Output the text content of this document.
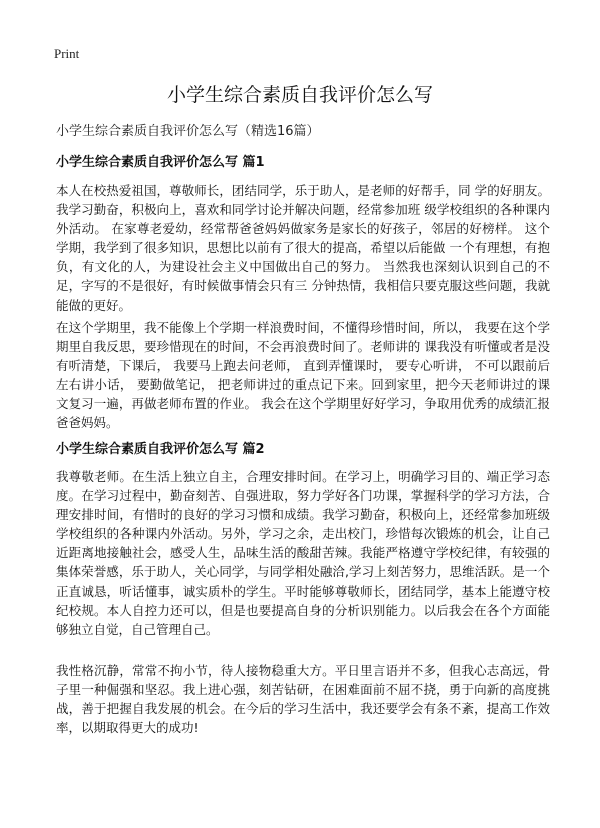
Print
小学生综合素质自我评价怎么写
小学生综合素质自我评价怎么写（精选16篇）
小学生综合素质自我评价怎么写 篇1

本人在校热爱祖国，尊敬师长，团结同学，乐于助人，是老师的好帮手，同 学的好朋友。我学习勤奋，积极向上，喜欢和同学讨论并解决问题，经常参加班 级学校组织的各种课内外活动。 在家尊老爱幼，经常帮爸爸妈妈做家务是家长的好孩子，邻居的好榜样。 这个学期，我学到了很多知识，思想比以前有了很大的提高，希望以后能做 一个有理想，有抱负，有文化的人，为建设社会主义中国做出自己的努力。 当然我也深刻认识到自己的不足，字写的不是很好，有时候做事情会只有三 分钟热情，我相信只要克服这些问题，我就能做的更好。

在这个学期里，我不能像上个学期一样浪费时间，不懂得珍惜时间，所以， 我要在这个学期里自我反思，要珍惜现在的时间，不会再浪费时间了。老师讲的 课我没有听懂或者是没有听清楚，下课后， 我要马上跑去问老师， 直到弄懂课时， 要专心听讲， 不可以跟前后左右讲小话， 要勤做笔记， 把老师讲过的重点记下来。回到家里，把今天老师讲过的课文复习一遍，再做老师布置的作业。 我会在这个学期里好好学习，争取用优秀的成绩汇报爸爸妈妈。

小学生综合素质自我评价怎么写 篇2

我尊敬老师。在生活上独立自主，合理安排时间。在学习上，明确学习目的、端正学习态度。在学习过程中，勤奋刻苦、自强进取，努力学好各门功课，掌握科学的学习方法，合理安排时间，有惜时的良好的学习习惯和成绩。我学习勤奋，积极向上，还经常参加班级学校组织的各种课内外活动。另外，学习之余，走出校门，珍惜每次锻炼的机会，让自己近距离地接触社会，感受人生，品味生活的酸甜苦辣。我能严格遵守学校纪律，有较强的集体荣誉感，乐于助人，关心同学，与同学相处融洽,学习上刻苦努力，思维活跃。是一个正直诚恳，听话懂事，诚实质朴的学生。平时能够尊敬师长，团结同学，基本上能遵守校纪校规。本人自控力还可以，但是也要提高自身的分析识别能力。以后我会在各个方面能够独立自觉，自己管理自己。

我性格沉静，常常不拘小节，待人接物稳重大方。平日里言语并不多，但我心志高远，骨子里一种倔强和坚忍。我上进心强，刻苦钻研，在困难面前不屈不挠，勇于向新的高度挑战，善于把握自我发展的机会。在今后的学习生活中，我还要学会有条不紊，提高工作效率，以期取得更大的成功!
